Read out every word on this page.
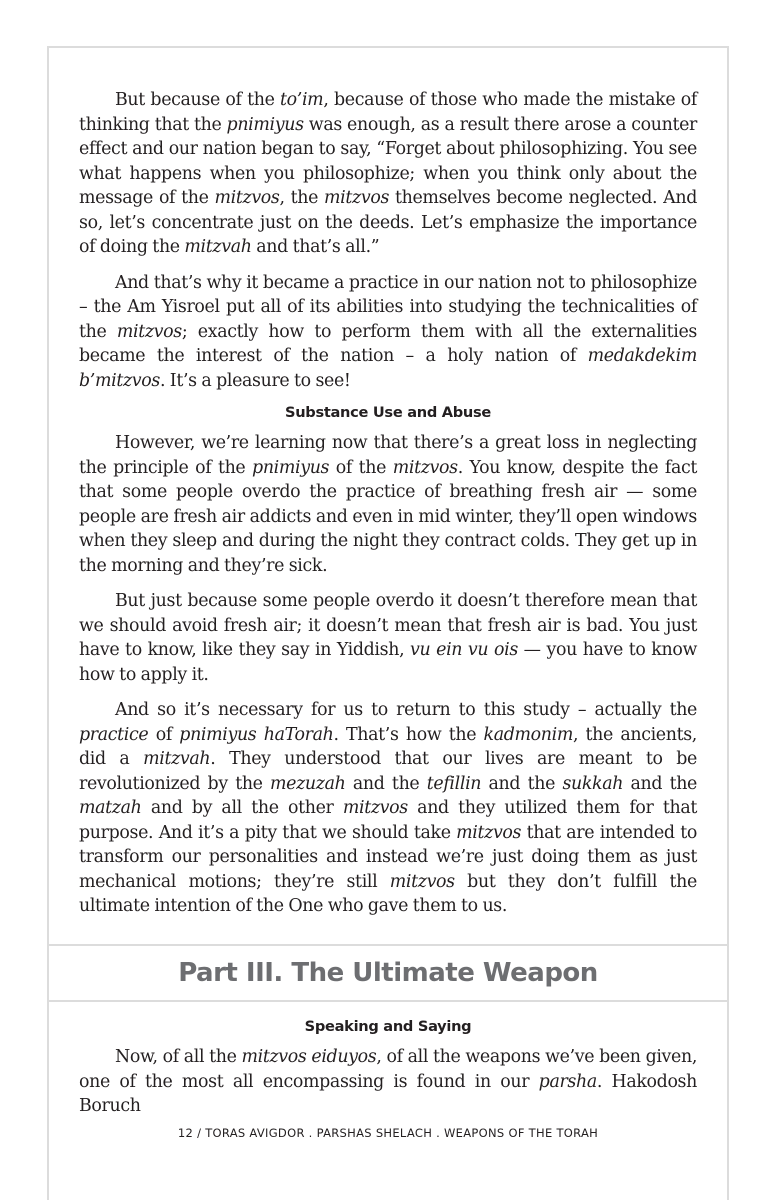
But because of the to’im, because of those who made the mistake of thinking that the pnimiyus was enough, as a result there arose a counter effect and our nation began to say, “Forget about philosophizing. You see what happens when you philosophize; when you think only about the message of the mitzvos, the mitzvos themselves become neglected. And so, let’s concentrate just on the deeds. Let’s emphasize the importance of doing the mitzvah and that’s all.”

And that’s why it became a practice in our nation not to philosophize – the Am Yisroel put all of its abilities into studying the technicalities of the mitzvos; exactly how to perform them with all the externalities became the interest of the nation – a holy nation of medakdekim b’mitzvos. It’s a pleasure to see!

Substance Use and Abuse

However, we’re learning now that there’s a great loss in neglecting the principle of the pnimiyus of the mitzvos. You know, despite the fact that some people overdo the practice of breathing fresh air — some people are fresh air addicts and even in mid winter, they’ll open windows when they sleep and during the night they contract colds. They get up in the morning and they’re sick.

But just because some people overdo it doesn’t therefore mean that we should avoid fresh air; it doesn’t mean that fresh air is bad. You just have to know, like they say in Yiddish, vu ein vu ois — you have to know how to apply it.

And so it’s necessary for us to return to this study – actually the practice of pnimiyus haTorah. That’s how the kadmonim, the ancients, did a mitzvah. They understood that our lives are meant to be revolutionized by the mezuzah and the tefillin and the sukkah and the matzah and by all the other mitzvos and they utilized them for that purpose. And it’s a pity that we should take mitzvos that are intended to transform our personalities and instead we’re just doing them as just mechanical motions; they’re still mitzvos but they don’t fulfill the ultimate intention of the One who gave them to us.

Part III. The Ultimate Weapon
Speaking and Saying

Now, of all the mitzvos eiduyos, of all the weapons we’ve been given, one of the most all encompassing is found in our parsha. Hakodosh Boruch

12 / TORAS AVIGDOR . PARSHAS SHELACH . WEAPONS OF THE TORAH
